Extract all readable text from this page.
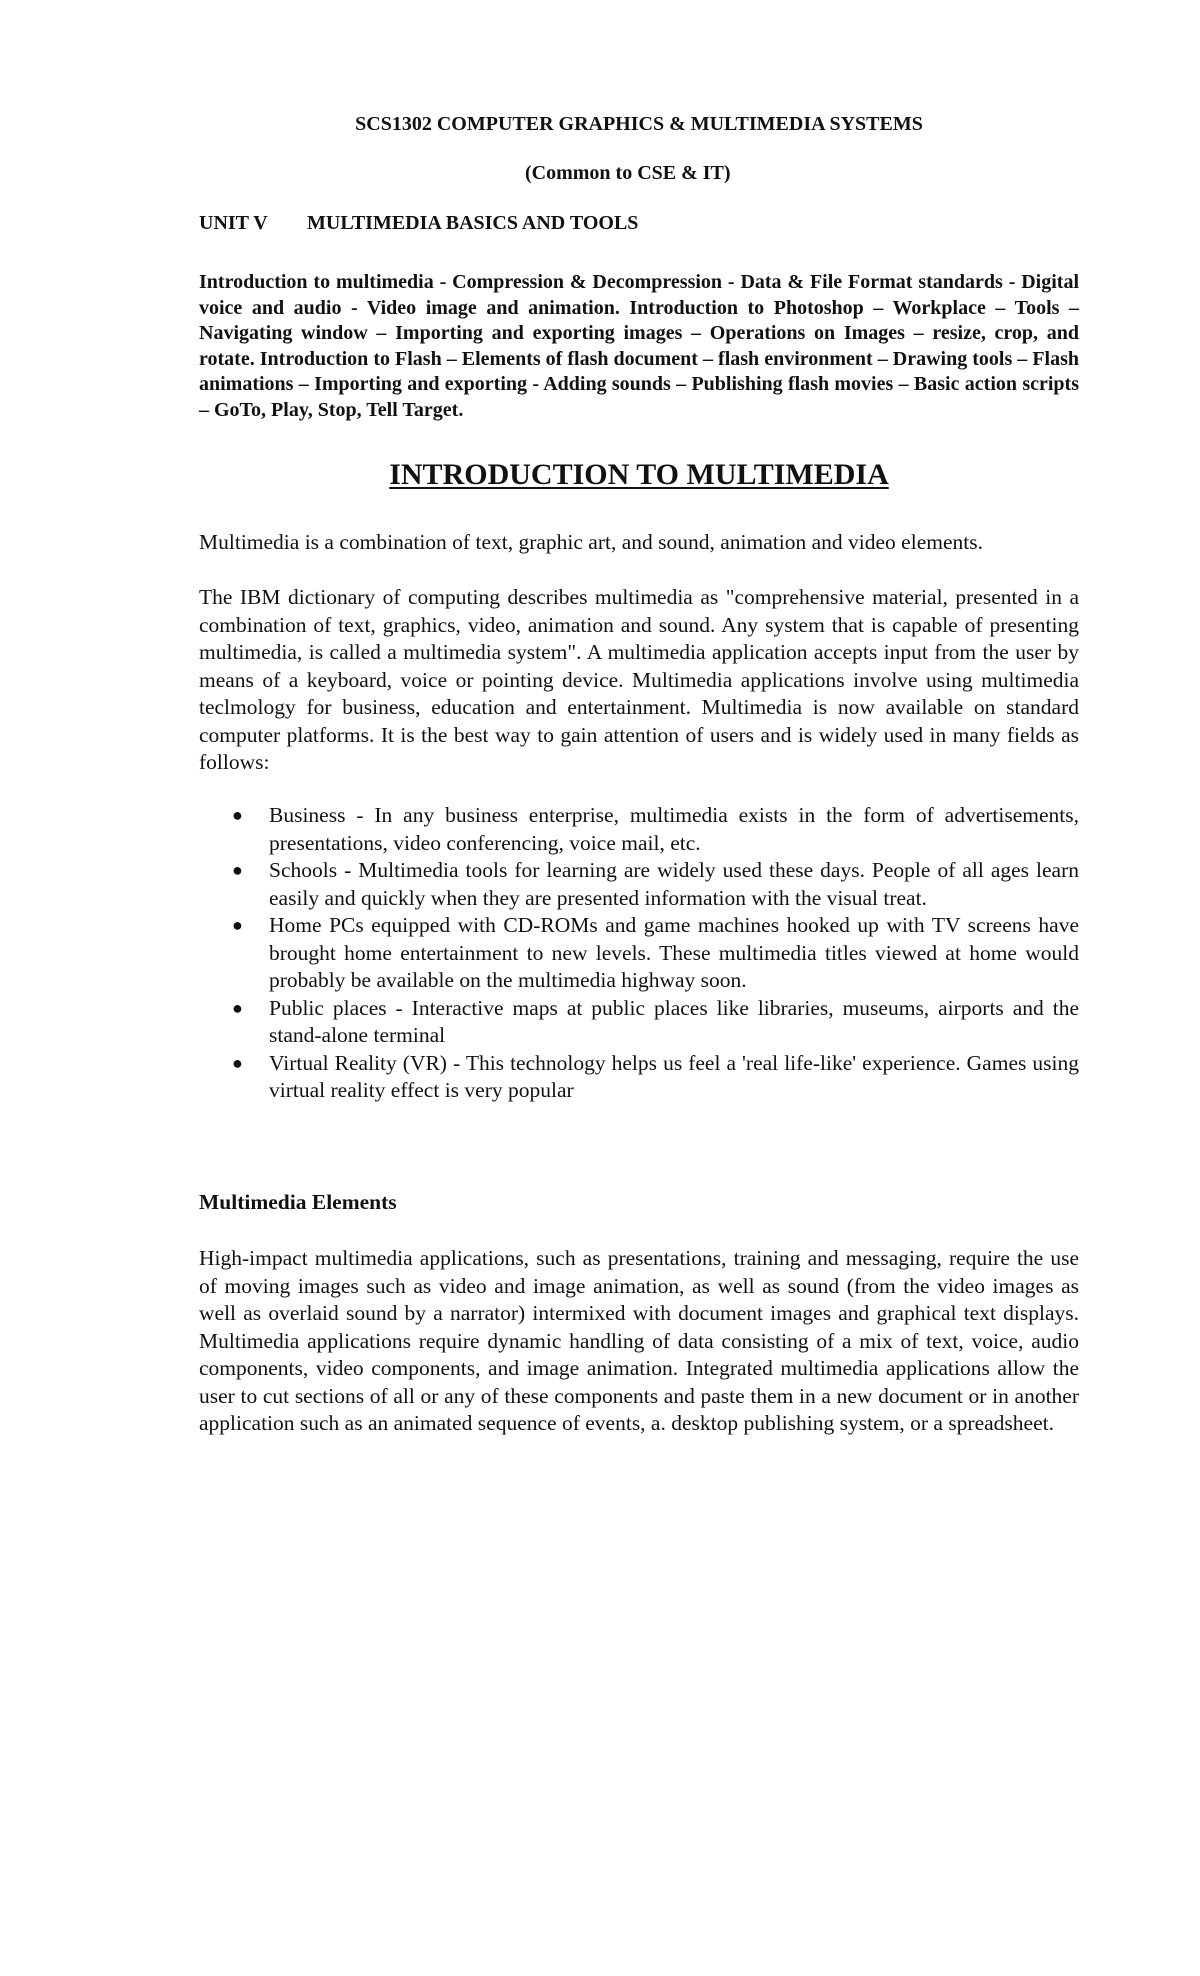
SCS1302 COMPUTER GRAPHICS & MULTIMEDIA SYSTEMS
(Common to CSE & IT)
UNIT V MULTIMEDIA BASICS AND TOOLS
Introduction to multimedia - Compression & Decompression - Data & File Format standards - Digital voice and audio - Video image and animation. Introduction to Photoshop – Workplace – Tools – Navigating window – Importing and exporting images – Operations on Images – resize, crop, and rotate. Introduction to Flash – Elements of flash document – flash environment – Drawing tools – Flash animations – Importing and exporting - Adding sounds – Publishing flash movies – Basic action scripts – GoTo, Play, Stop, Tell Target.
INTRODUCTION TO MULTIMEDIA

Multimedia is a combination of text, graphic art, and sound, animation and video elements.

The IBM dictionary of computing describes multimedia as "comprehensive material, presented in a combination of text, graphics, video, animation and sound. Any system that is capable of presenting multimedia, is called a multimedia system". A multimedia application accepts input from the user by means of a keyboard, voice or pointing device. Multimedia applications involve using multimedia teclmology for business, education and entertainment. Multimedia is now available on standard computer platforms. It is the best way to gain attention of users and is widely used in many fields as follows:

● Business - In any business enterprise, multimedia exists in the form of advertisements, presentations, video conferencing, voice mail, etc.
● Schools - Multimedia tools for learning are widely used these days. People of all ages learn easily and quickly when they are presented information with the visual treat.
● Home PCs equipped with CD-ROMs and game machines hooked up with TV screens have brought home entertainment to new levels. These multimedia titles viewed at home would probably be available on the multimedia highway soon.
● Public places - Interactive maps at public places like libraries, museums, airports and the stand-alone terminal
● Virtual Reality (VR) - This technology helps us feel a 'real life-like' experience. Games using virtual reality effect is very popular
Multimedia Elements

High-impact multimedia applications, such as presentations, training and messaging, require the use of moving images such as video and image animation, as well as sound (from the video images as well as overlaid sound by a narrator) intermixed with document images and graphical text displays. Multimedia applications require dynamic handling of data consisting of a mix of text, voice, audio components, video components, and image animation. Integrated multimedia applications allow the user to cut sections of all or any of these components and paste them in a new document or in another application such as an animated sequence of events, a. desktop publishing system, or a spreadsheet.
